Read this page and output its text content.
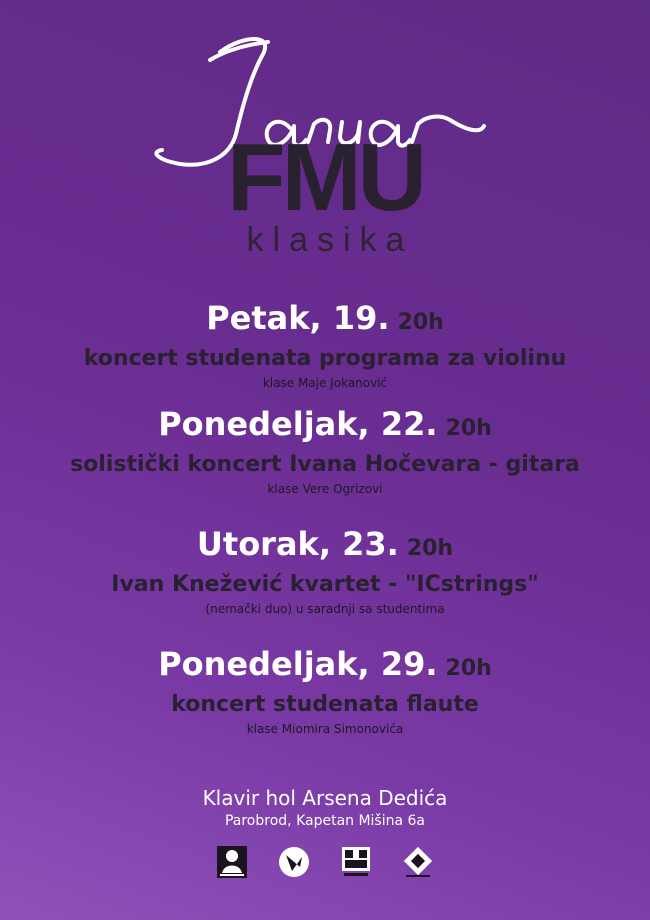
FMU
klasika
Petak, 19. 20h
koncert studenata programa za violinu
klase Maje Jokanović
Ponedeljak, 22. 20h
solistički koncert Ivana Hočevara - gitara
klase Vere Ogrizovi
Utorak, 23. 20h
Ivan Knežević kvartet - "ICstrings"
(nemački duo) u saradnji sa studentima
Ponedeljak, 29. 20h
koncert studenata flaute
klase Miomira Simonovića
Klavir hol Arsena Dedića
Parobrod, Kapetan Mišina 6a
